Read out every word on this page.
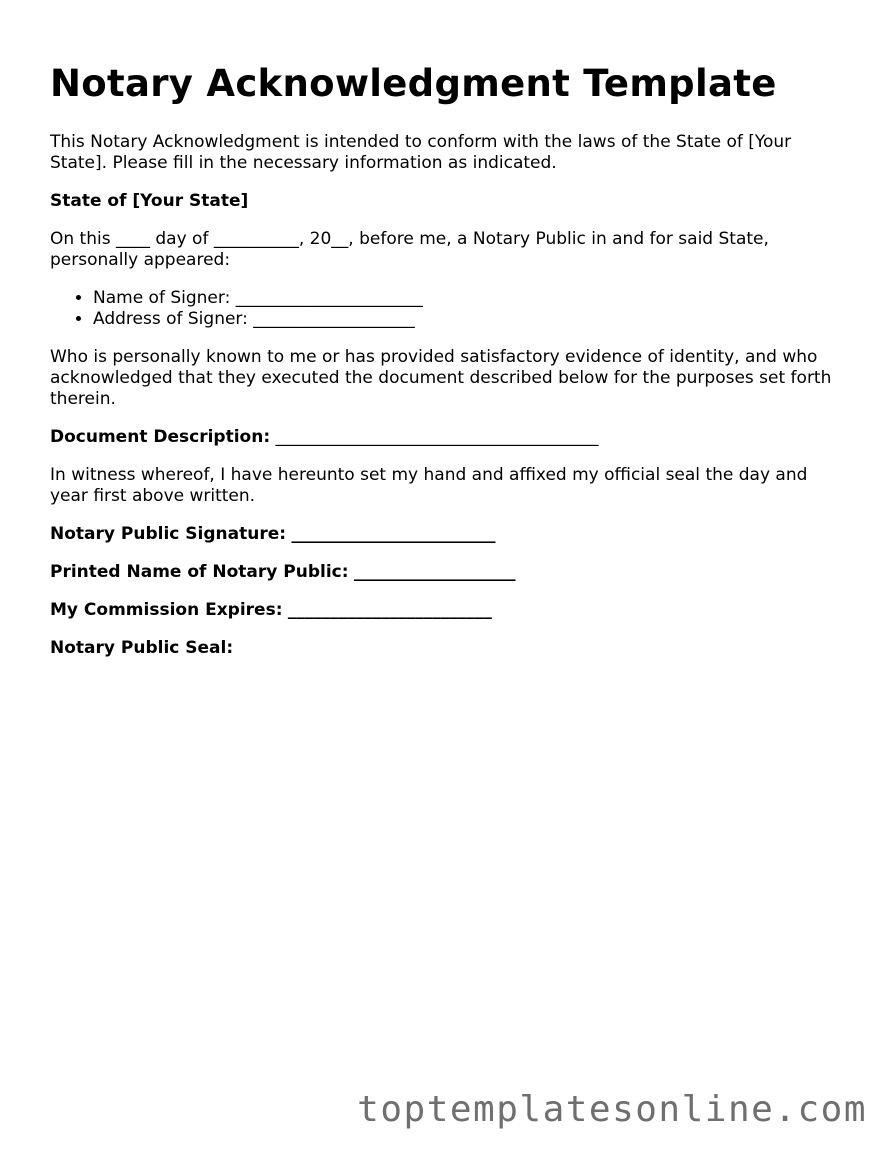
Notary Acknowledgment Template

This Notary Acknowledgment is intended to conform with the laws of the State of [Your State]. Please fill in the necessary information as indicated.

State of [Your State]

On this ____ day of __________, 20__, before me, a Notary Public in and for said State, personally appeared:

• Name of Signer: ______________________
• Address of Signer: ___________________

Who is personally known to me or has provided satisfactory evidence of identity, and who acknowledged that they executed the document described below for the purposes set forth therein.

Document Description: ______________________________________

In witness whereof, I have hereunto set my hand and affixed my official seal the day and year first above written.

Notary Public Signature: ________________________

Printed Name of Notary Public: ___________________

My Commission Expires: ________________________

Notary Public Seal:

toptemplatesonline.com
